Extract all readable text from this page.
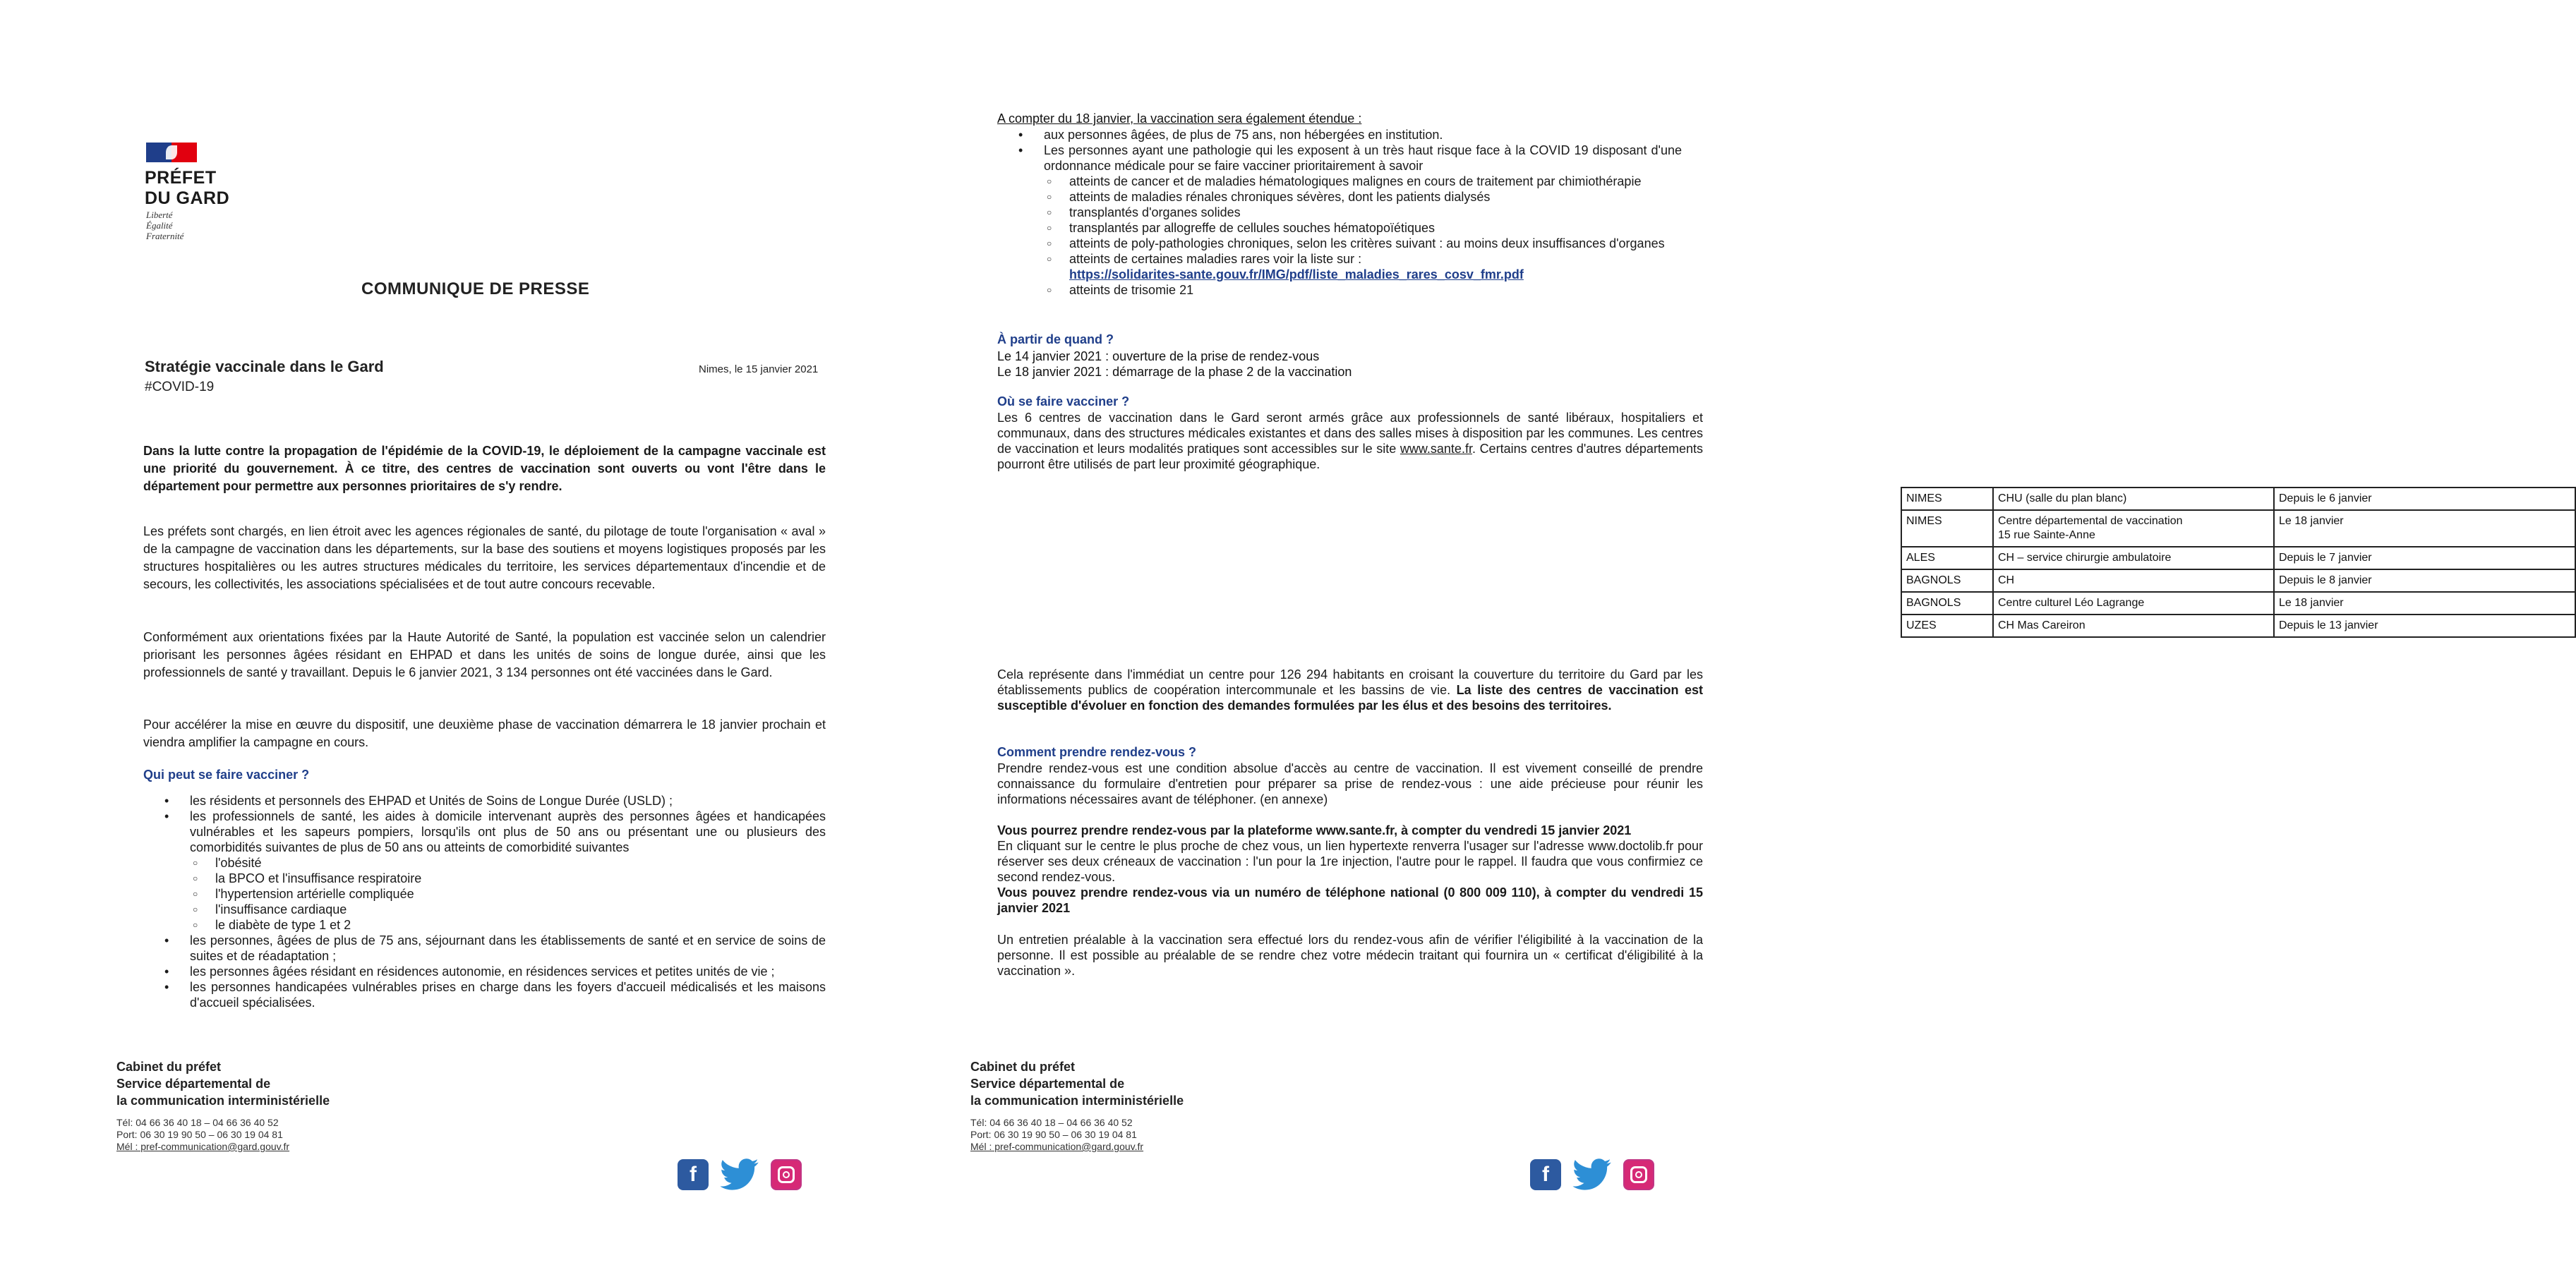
PRÉFET
DU GARD
Liberté
Égalité
Fraternité
COMMUNIQUE DE PRESSE
Stratégie vaccinale dans le Gard
#COVID-19
Nimes, le 15 janvier 2021
Dans la lutte contre la propagation de l'épidémie de la COVID-19, le déploiement de la campagne vaccinale est une priorité du gouvernement. À ce titre, des centres de vaccination sont ouverts ou vont l'être dans le département pour permettre aux personnes prioritaires de s'y rendre.
Les préfets sont chargés, en lien étroit avec les agences régionales de santé, du pilotage de toute l'organisation « aval » de la campagne de vaccination dans les départements, sur la base des soutiens et moyens logistiques proposés par les structures hospitalières ou les autres structures médicales du territoire, les services départementaux d'incendie et de secours, les collectivités, les associations spécialisées et de tout autre concours recevable.
Conformément aux orientations fixées par la Haute Autorité de Santé, la population est vaccinée selon un calendrier priorisant les personnes âgées résidant en EHPAD et dans les unités de soins de longue durée, ainsi que les professionnels de santé y travaillant. Depuis le 6 janvier 2021, 3 134 personnes ont été vaccinées dans le Gard.
Pour accélérer la mise en œuvre du dispositif, une deuxième phase de vaccination démarrera le 18 janvier prochain et viendra amplifier la campagne en cours.
Qui peut se faire vacciner ?
• les résidents et personnels des EHPAD et Unités de Soins de Longue Durée (USLD) ;
• les professionnels de santé, les aides à domicile intervenant auprès des personnes âgées et handicapées vulnérables et les sapeurs pompiers, lorsqu'ils ont plus de 50 ans ou présentant une ou plusieurs des comorbidités suivantes de plus de 50 ans ou atteints de comorbidité suivantes
○ l'obésité
○ la BPCO et l'insuffisance respiratoire
○ l'hypertension artérielle compliquée
○ l'insuffisance cardiaque
○ le diabète de type 1 et 2
• les personnes, âgées de plus de 75 ans, séjournant dans les établissements de santé et en service de soins de suites et de réadaptation ;
• les personnes âgées résidant en résidences autonomie, en résidences services et petites unités de vie ;
• les personnes handicapées vulnérables prises en charge dans les foyers d'accueil médicalisés et les maisons d'accueil spécialisées.
Cabinet du préfet
Service départemental de
la communication interministérielle
Tél: 04 66 36 40 18 – 04 66 36 40 52
Port: 06 30 19 90 50 – 06 30 19 04 81
Mél : pref-communication@gard.gouv.fr
f
A compter du 18 janvier, la vaccination sera également étendue :
• aux personnes âgées, de plus de 75 ans, non hébergées en institution.
• Les personnes ayant une pathologie qui les exposent à un très haut risque face à la COVID 19 disposant d'une ordonnance médicale pour se faire vacciner prioritairement à savoir
○ atteints de cancer et de maladies hématologiques malignes en cours de traitement par chimiothérapie
○ atteints de maladies rénales chroniques sévères, dont les patients dialysés
○ transplantés d'organes solides
○ transplantés par allogreffe de cellules souches hématopoïétiques
○ atteints de poly-pathologies chroniques, selon les critères suivant : au moins deux insuffisances d'organes
○ atteints de certaines maladies rares voir la liste sur :
https://solidarites-sante.gouv.fr/IMG/pdf/liste_maladies_rares_cosv_fmr.pdf
○ atteints de trisomie 21
À partir de quand ?
Le 14 janvier 2021 : ouverture de la prise de rendez-vous
Le 18 janvier 2021 : démarrage de la phase 2 de la vaccination
Où se faire vacciner ?
Les 6 centres de vaccination dans le Gard seront armés grâce aux professionnels de santé libéraux, hospitaliers et communaux, dans des structures médicales existantes et dans des salles mises à disposition par les communes. Les centres de vaccination et leurs modalités pratiques sont accessibles sur le site www.sante.fr. Certains centres d'autres départements pourront être utilisés de part leur proximité géographique.
NIMES	CHU (salle du plan blanc)	Depuis le 6 janvier
NIMES	Centre départemental de vaccination
15 rue Sainte-Anne	Le 18 janvier
ALES	CH – service chirurgie ambulatoire	Depuis le 7 janvier
BAGNOLS	CH	Depuis le 8 janvier
BAGNOLS	Centre culturel Léo Lagrange	Le 18 janvier
UZES	CH Mas Careiron	Depuis le 13 janvier
Cela représente dans l'immédiat un centre pour 126 294 habitants en croisant la couverture du territoire du Gard par les établissements publics de coopération intercommunale et les bassins de vie. La liste des centres de vaccination est susceptible d'évoluer en fonction des demandes formulées par les élus et des besoins des territoires.
Comment prendre rendez-vous ?
Prendre rendez-vous est une condition absolue d'accès au centre de vaccination. Il est vivement conseillé de prendre connaissance du formulaire d'entretien pour préparer sa prise de rendez-vous : une aide précieuse pour réunir les informations nécessaires avant de téléphoner. (en annexe)
Vous pourrez prendre rendez-vous par la plateforme www.sante.fr, à compter du vendredi 15 janvier 2021
En cliquant sur le centre le plus proche de chez vous, un lien hypertexte renverra l'usager sur l'adresse www.doctolib.fr pour réserver ses deux créneaux de vaccination : l'un pour la 1re injection, l'autre pour le rappel. Il faudra que vous confirmiez ce second rendez-vous.
Vous pouvez prendre rendez-vous via un numéro de téléphone national (0 800 009 110), à compter du vendredi 15 janvier 2021
Un entretien préalable à la vaccination sera effectué lors du rendez-vous afin de vérifier l'éligibilité à la vaccination de la personne. Il est possible au préalable de se rendre chez votre médecin traitant qui fournira un « certificat d'éligibilité à la vaccination ».
Cabinet du préfet
Service départemental de
la communication interministérielle
Tél: 04 66 36 40 18 – 04 66 36 40 52
Port: 06 30 19 90 50 – 06 30 19 04 81
Mél : pref-communication@gard.gouv.fr
f
